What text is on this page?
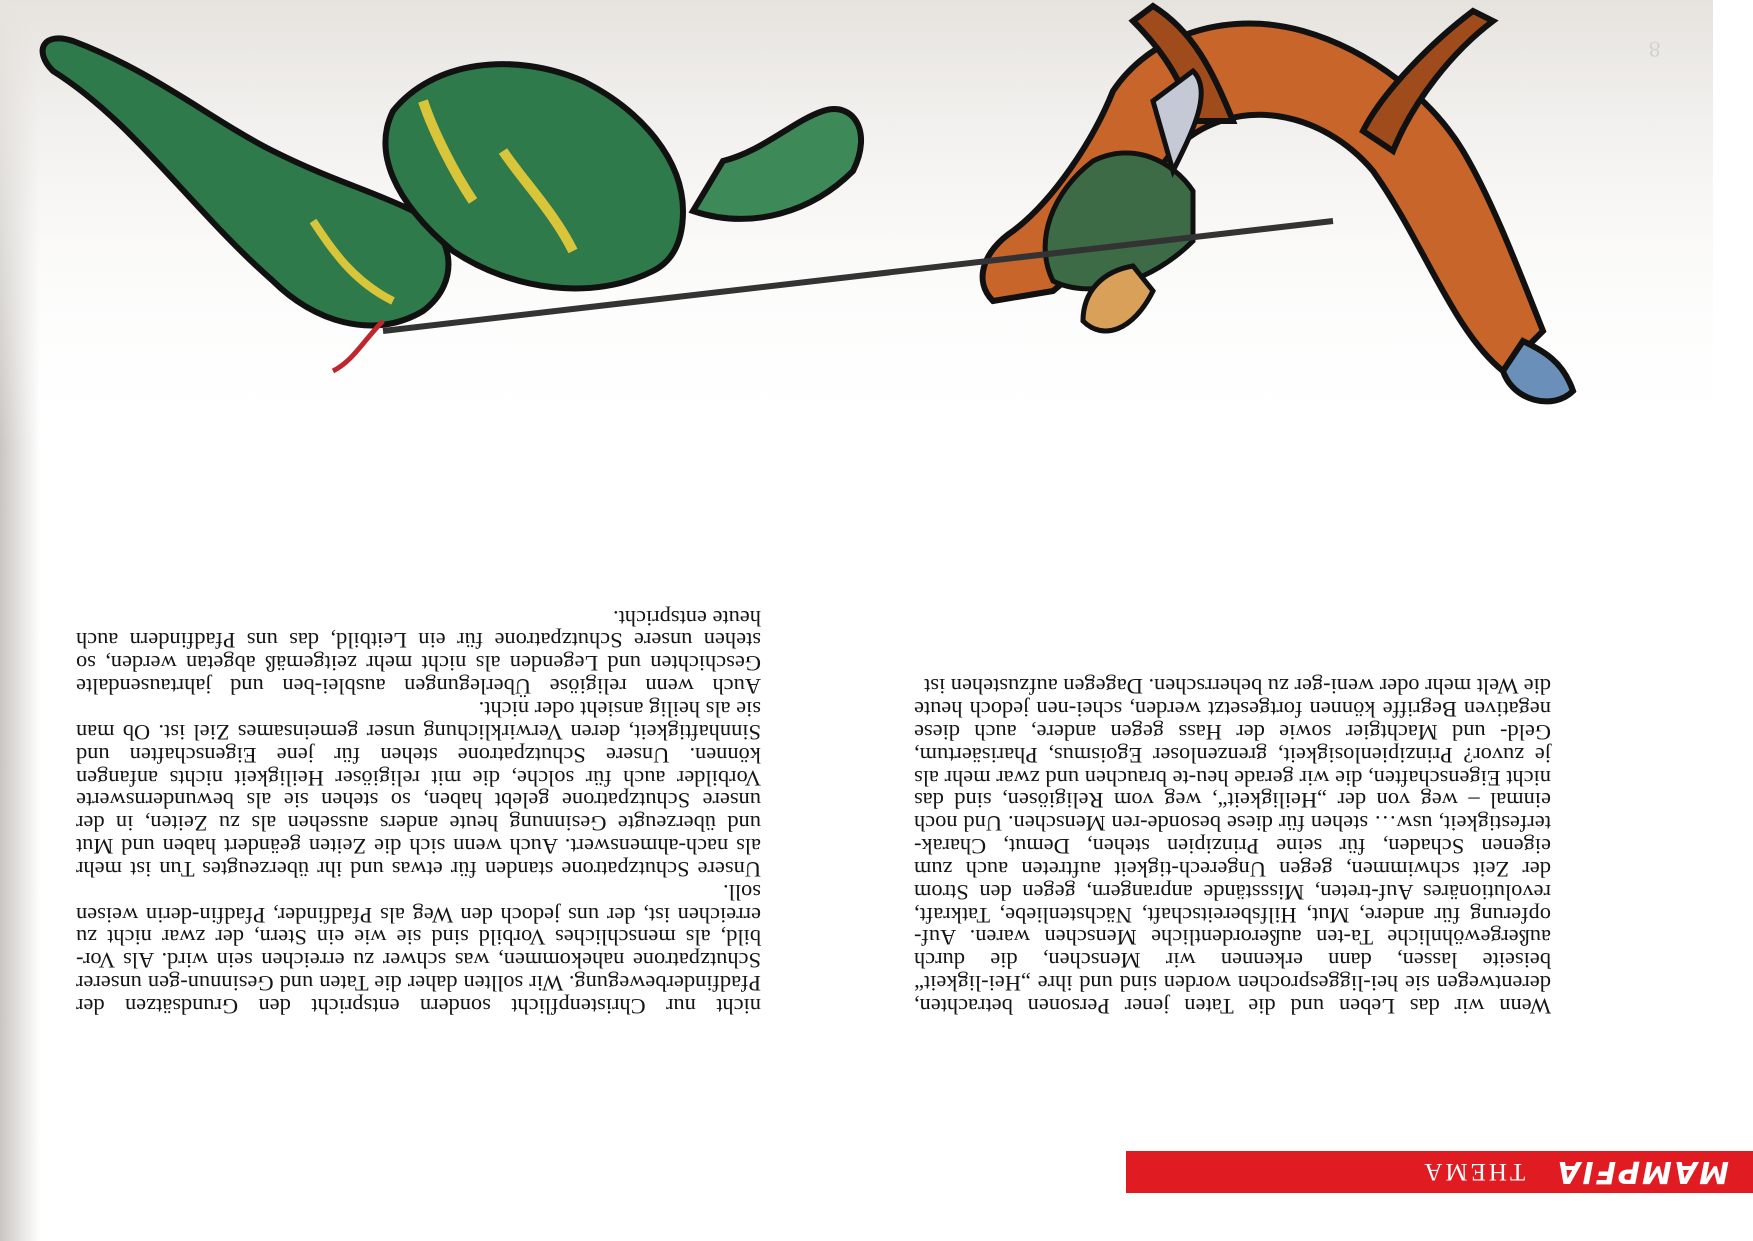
MAMPFIA
THEMA

Wenn wir das Leben und die Taten jener Personen betrachten, derentwegen sie hei-liggesprochen worden sind und ihre „Hei-ligkeit“ beiseite lassen, dann erkennen wir Menschen, die durch außergewöhnliche Ta-ten außerordentliche Menschen waren. Auf-opferung für andere, Mut, Hilfsbereitschaft, Nächstenliebe, Tatkraft, revolutionäres Auf-treten, Missstände anprangern, gegen den Strom der Zeit schwimmen, gegen Ungerech-tigkeit auftreten auch zum eigenen Schaden, für seine Prinzipien stehen, Demut, Charak-terfestigkeit, usw… stehen für diese besonde-ren Menschen. Und noch einmal – weg von der „Heiligkeit“, weg vom Religiösen, sind das nicht Eigenschaften, die wir gerade heu-te brauchen und zwar mehr als je zuvor? Prinzipienlosigkeit, grenzenloser Egoismus, Pharisäertum, Geld- und Machtgier sowie der Hass gegen andere, auch diese negativen Begriffe können fortgesetzt werden, schei-nen jedoch heute die Welt mehr oder weni-ger zu beherrschen. Dagegen aufzustehen ist

nicht nur Christenpflicht sondern entspricht den Grundsätzen der Pfadfinderbewegung. Wir sollten daher die Taten und Gesinnun-gen unserer Schutzpatrone nahekommen, was schwer zu erreichen sein wird. Als Vor-bild, als menschliches Vorbild sind sie wie ein Stern, der zwar nicht zu erreichen ist, der uns jedoch den Weg als Pfadfinder, Pfadfin-derin weisen soll.

Unsere Schutzpatrone standen für etwas und ihr überzeugtes Tun ist mehr als nach-ahmenswert. Auch wenn sich die Zeiten geändert haben und Mut und überzeugte Gesinnung heute anders aussehen als zu Zeiten, in der unsere Schutzpatrone gelebt haben, so stehen sie als bewundernswerte Vorbilder auch für solche, die mit religiöser Heiligkeit nichts anfangen können. Unsere Schutzpatrone stehen für jene Eigenschaften und Sinnhaftigkeit, deren Verwirklichung unser gemeinsames Ziel ist. Ob man sie als heilig ansieht oder nicht.

Auch wenn religiöse Überlegungen ausblei-ben und jahrtausendalte Geschichten und Legenden als nicht mehr zeitgemäß abgetan werden, so stehen unsere Schutzpatrone für ein Leitbild, das uns Pfadfindern auch heute entspricht.
